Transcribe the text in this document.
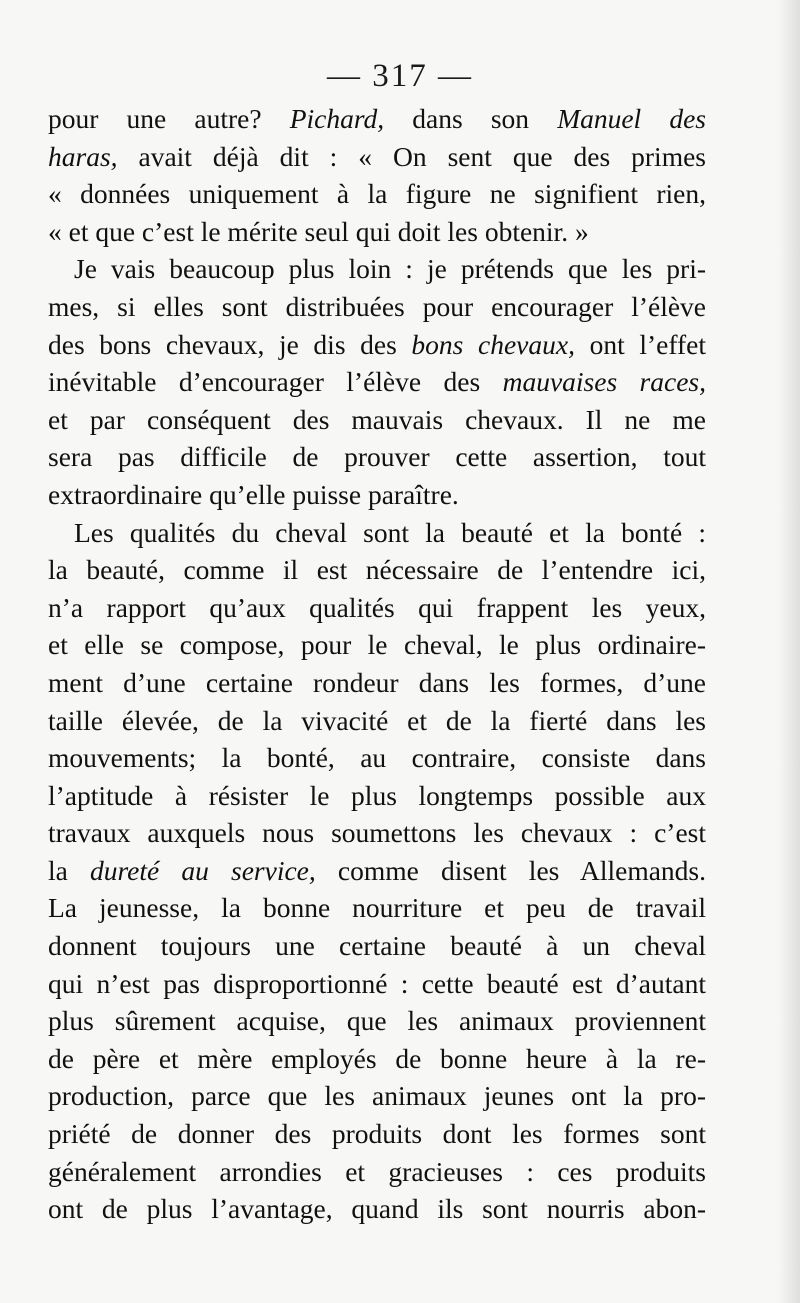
— 317 —
pour une autre? Pichard, dans son Manuel des
haras, avait déjà dit : « On sent que des primes
« données uniquement à la figure ne signifient rien,
« et que c’est le mérite seul qui doit les obtenir. »
Je vais beaucoup plus loin : je prétends que les pri-
mes, si elles sont distribuées pour encourager l’élève
des bons chevaux, je dis des bons chevaux, ont l’effet
inévitable d’encourager l’élève des mauvaises races,
et par conséquent des mauvais chevaux. Il ne me
sera pas difficile de prouver cette assertion, tout
extraordinaire qu’elle puisse paraître.
Les qualités du cheval sont la beauté et la bonté :
la beauté, comme il est nécessaire de l’entendre ici,
n’a rapport qu’aux qualités qui frappent les yeux,
et elle se compose, pour le cheval, le plus ordinaire-
ment d’une certaine rondeur dans les formes, d’une
taille élevée, de la vivacité et de la fierté dans les
mouvements; la bonté, au contraire, consiste dans
l’aptitude à résister le plus longtemps possible aux
travaux auxquels nous soumettons les chevaux : c’est
la dureté au service, comme disent les Allemands.
La jeunesse, la bonne nourriture et peu de travail
donnent toujours une certaine beauté à un cheval
qui n’est pas disproportionné : cette beauté est d’autant
plus sûrement acquise, que les animaux proviennent
de père et mère employés de bonne heure à la re-
production, parce que les animaux jeunes ont la pro-
priété de donner des produits dont les formes sont
généralement arrondies et gracieuses : ces produits
ont de plus l’avantage, quand ils sont nourris abon-
